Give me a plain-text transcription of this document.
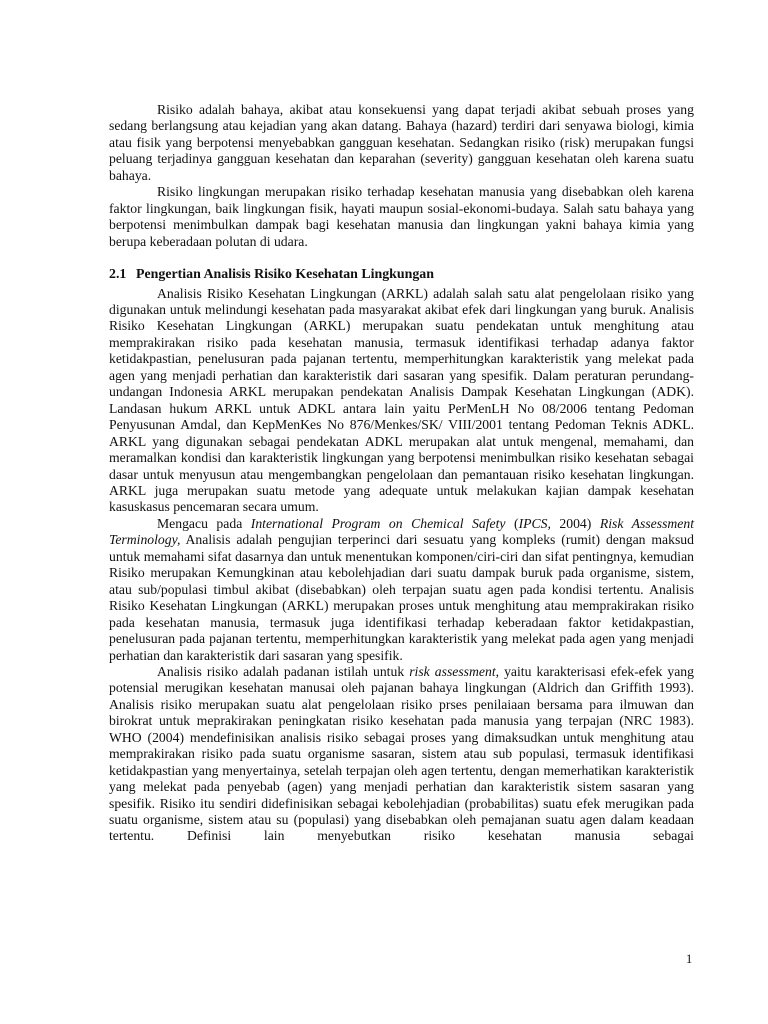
Risiko adalah bahaya, akibat atau konsekuensi yang dapat terjadi akibat sebuah proses yang sedang berlangsung atau kejadian yang akan datang. Bahaya (hazard) terdiri dari senyawa biologi, kimia atau fisik yang berpotensi menyebabkan gangguan kesehatan. Sedangkan risiko (risk) merupakan fungsi peluang terjadinya gangguan kesehatan dan keparahan (severity) gangguan kesehatan oleh karena suatu bahaya.

Risiko lingkungan merupakan risiko terhadap kesehatan manusia yang disebabkan oleh karena faktor lingkungan, baik lingkungan fisik, hayati maupun sosial-ekonomi-budaya. Salah satu bahaya yang berpotensi menimbulkan dampak bagi kesehatan manusia dan lingkungan yakni bahaya kimia yang berupa keberadaan polutan di udara.

2.1 Pengertian Analisis Risiko Kesehatan Lingkungan

Analisis Risiko Kesehatan Lingkungan (ARKL) adalah salah satu alat pengelolaan risiko yang digunakan untuk melindungi kesehatan pada masyarakat akibat efek dari lingkungan yang buruk. Analisis Risiko Kesehatan Lingkungan (ARKL) merupakan suatu pendekatan untuk menghitung atau memprakirakan risiko pada kesehatan manusia, termasuk identifikasi terhadap adanya faktor ketidakpastian, penelusuran pada pajanan tertentu, memperhitungkan karakteristik yang melekat pada agen yang menjadi perhatian dan karakteristik dari sasaran yang spesifik. Dalam peraturan perundang-undangan Indonesia ARKL merupakan pendekatan Analisis Dampak Kesehatan Lingkungan (ADK). Landasan hukum ARKL untuk ADKL antara lain yaitu PerMenLH No 08/2006 tentang Pedoman Penyusunan Amdal, dan KepMenKes No 876/Menkes/SK/ VIII/2001 tentang Pedoman Teknis ADKL. ARKL yang digunakan sebagai pendekatan ADKL merupakan alat untuk mengenal, memahami, dan meramalkan kondisi dan karakteristik lingkungan yang berpotensi menimbulkan risiko kesehatan sebagai dasar untuk menyusun atau mengembangkan pengelolaan dan pemantauan risiko kesehatan lingkungan. ARKL juga merupakan suatu metode yang adequate untuk melakukan kajian dampak kesehatan kasuskasus pencemaran secara umum.

Mengacu pada International Program on Chemical Safety (IPCS, 2004) Risk Assessment Terminology, Analisis adalah pengujian terperinci dari sesuatu yang kompleks (rumit) dengan maksud untuk memahami sifat dasarnya dan untuk menentukan komponen/ciri-ciri dan sifat pentingnya, kemudian Risiko merupakan Kemungkinan atau kebolehjadian dari suatu dampak buruk pada organisme, sistem, atau sub/populasi timbul akibat (disebabkan) oleh terpajan suatu agen pada kondisi tertentu. Analisis Risiko Kesehatan Lingkungan (ARKL) merupakan proses untuk menghitung atau memprakirakan risiko pada kesehatan manusia, termasuk juga identifikasi terhadap keberadaan faktor ketidakpastian, penelusuran pada pajanan tertentu, memperhitungkan karakteristik yang melekat pada agen yang menjadi perhatian dan karakteristik dari sasaran yang spesifik.

Analisis risiko adalah padanan istilah untuk risk assessment, yaitu karakterisasi efek-efek yang potensial merugikan kesehatan manusai oleh pajanan bahaya lingkungan (Aldrich dan Griffith 1993). Analisis risiko merupakan suatu alat pengelolaan risiko prses penilaiaan bersama para ilmuwan dan birokrat untuk meprakirakan peningkatan risiko kesehatan pada manusia yang terpajan (NRC 1983). WHO (2004) mendefinisikan analisis risiko sebagai proses yang dimaksudkan untuk menghitung atau memprakirakan risiko pada suatu organisme sasaran, sistem atau sub populasi, termasuk identifikasi ketidakpastian yang menyertainya, setelah terpajan oleh agen tertentu, dengan memerhatikan karakteristik yang melekat pada penyebab (agen) yang menjadi perhatian dan karakteristik sistem sasaran yang spesifik. Risiko itu sendiri didefinisikan sebagai kebolehjadian (probabilitas) suatu efek merugikan pada suatu organisme, sistem atau su (populasi) yang disebabkan oleh pemajanan suatu agen dalam keadaan tertentu. Definisi lain menyebutkan risiko kesehatan manusia sebagai

1
